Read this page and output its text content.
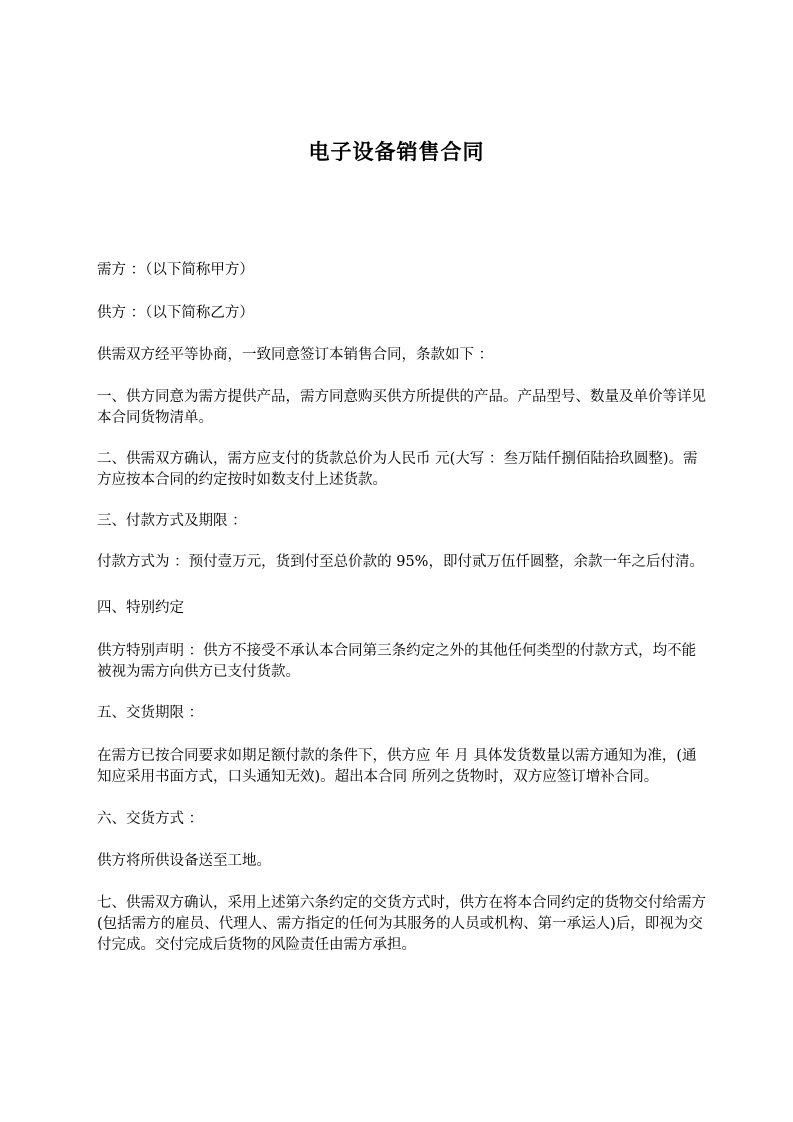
电子设备销售合同

需方 ：（以下简称甲方）

供方 ：（以下简称乙方）

供需双方经平等协商，一致同意签订本销售合同，条款如下 ：

一、供方同意为需方提供产品，需方同意购买供方所提供的产品。产品型号、数量及单价等详见本合同货物清单。

二、供需双方确认，需方应支付的货款总价为人民币 元(大写 ：叁万陆仟捌佰陆拾玖圆整)。需方应按本合同的约定按时如数支付上述货款。

三、付款方式及期限 ：

付款方式为 ：预付壹万元，货到付至总价款的 95%，即付贰万伍仟圆整，余款一年之后付清。

四、特别约定

供方特别声明 ：供方不接受不承认本合同第三条约定之外的其他任何类型的付款方式，均不能被视为需方向供方已支付货款。

五、交货期限 ：

在需方已按合同要求如期足额付款的条件下，供方应 年 月 具体发货数量以需方通知为准，(通知应采用书面方式，口头通知无效)。超出本合同 所列之货物时，双方应签订增补合同。

六、交货方式 ：

供方将所供设备送至工地。

七、供需双方确认，采用上述第六条约定的交货方式时，供方在将本合同约定的货物交付给需方(包括需方的雇员、代理人、需方指定的任何为其服务的人员或机构、第一承运人)后，即视为交付完成。交付完成后货物的风险责任由需方承担。
